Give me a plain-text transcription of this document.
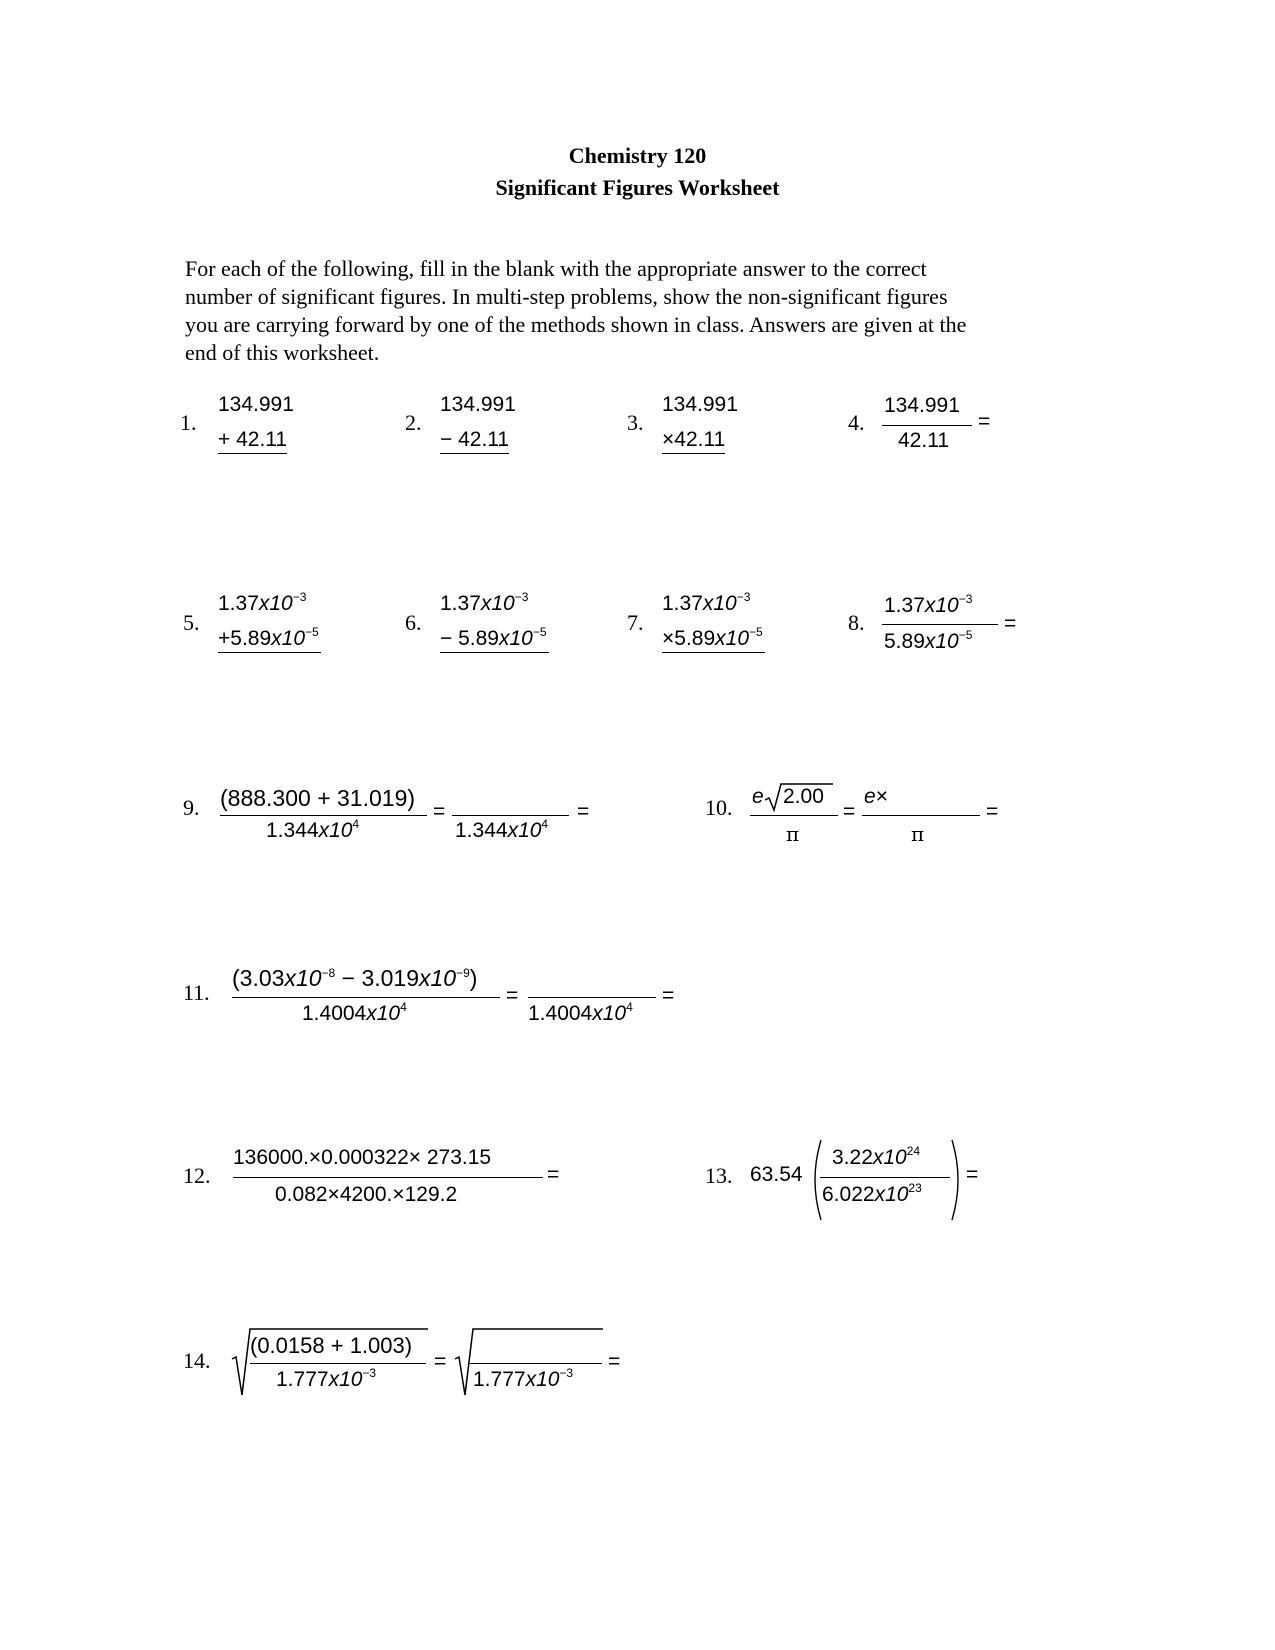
Chemistry 120
Significant Figures Worksheet
For each of the following, fill in the blank with the appropriate answer to the correct
number of significant figures. In multi-step problems, show the non-significant figures
you are carrying forward by one of the methods shown in class. Answers are given at the
end of this worksheet.
1.
134.991
+ 42.11
2.
134.991
− 42.11
3.
134.991
×42.11
4.
134.991
42.11
=
5.
$1.37x10^{-3}$
$+5.89x10^{-5}$	6.
$1.37x10^{-3}$
− $5.89x10^{-5}$	7.
$1.37x10^{-3}$
$\times 5.89x10^{-5}$	8.
$1.37x10^{-3}$
$5.89x10^{-5}$ =
9. (888.300 + 31.019)
$1.344x10^4$
=
$1.344x10^4$
=	10. e 2.00
π
=
e×
π
=
11.
$(3.03x10^{-8} - 3.019x10^{-9})$
$1.4004x10^4$	=
$1.4004x10^4$ =
12.
136000.×0.000322× 273.15
0.082×4200.×129.2
=	13. 63.54
$3.22x10^{24}$
$6.022x10^{23}$
=
14.
(0.0158 + 1.003)
$1.777x10^{-3}$	=
$1.777x10^{-3}$ =
